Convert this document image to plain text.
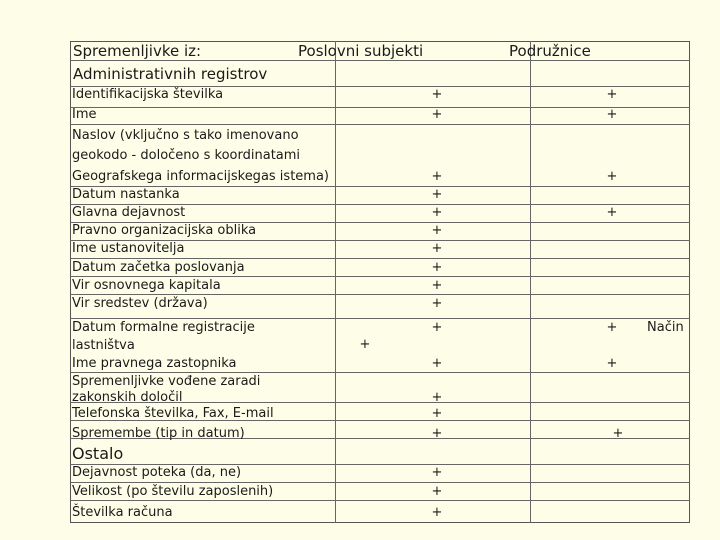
Spremenljivke iz:
Administrativnih registrov
Poslovni subjekti	Podružnice
Identifikacijska številka
Ime
Naslov (vključno s tako imenovano
geokodo - določeno s koordinatami
Geografskega informacijskegas istema)
Datum nastanka
Glavna dejavnost
Pravno organizacijska oblika
Ime ustanovitelja
Datum začetka poslovanja
Vir osnovnega kapitala
Vir sredstev (država)
Datum formalne registracije
lastništva
Ime pravnega zastopnika
Spremenljivke vođene zaradi
zakonskih določil
Telefonska številka, Fax, E-mail
Spremembe (tip in datum)
Ostalo
Dejavnost poteka (da, ne)
Velikost (po številu zaposlenih)
Številka računa
+
+
+
+
+
+
+
+
+
+
+
+
+
+
+
+
+
+
+
+
+
+
+
+
+
+
Način
